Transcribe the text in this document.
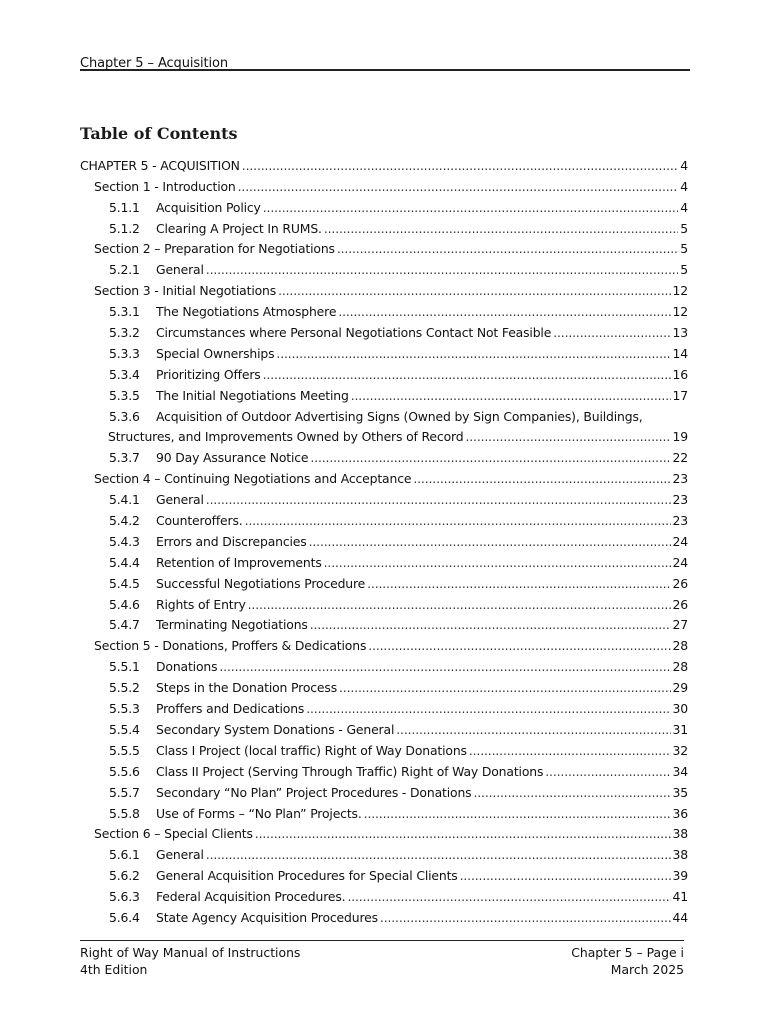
Chapter 5 – Acquisition
Table of Contents
CHAPTER 5 - ACQUISITION .....	4
Section 1 - Introduction .....	4
5.1.1	Acquisition Policy .....	4
5.1.2	Clearing A Project In RUMS. .....	5
Section 2 – Preparation for Negotiations .....	5
5.2.1	General .....	5
Section 3 - Initial Negotiations .....	12
5.3.1	The Negotiations Atmosphere .....	12
5.3.2	Circumstances where Personal Negotiations Contact Not Feasible .....	13
5.3.3	Special Ownerships .....	14
5.3.4	Prioritizing Offers .....	16
5.3.5	The Initial Negotiations Meeting .....	17
5.3.6	Acquisition of Outdoor Advertising Signs (Owned by Sign Companies), Buildings,
Structures, and Improvements Owned by Others of Record .....	19
5.3.7	90 Day Assurance Notice .....	22
Section 4 – Continuing Negotiations and Acceptance .....	23
5.4.1	General .....	23
5.4.2	Counteroffers. .....	23
5.4.3	Errors and Discrepancies .....	24
5.4.4	Retention of Improvements .....	24
5.4.5	Successful Negotiations Procedure .....	26
5.4.6	Rights of Entry .....	26
5.4.7	Terminating Negotiations .....	27
Section 5 - Donations, Proffers & Dedications .....	28
5.5.1	Donations .....	28
5.5.2	Steps in the Donation Process .....	29
5.5.3	Proffers and Dedications .....	30
5.5.4	Secondary System Donations - General .....	31
5.5.5	Class I Project (local traffic) Right of Way Donations .....	32
5.5.6	Class II Project (Serving Through Traffic) Right of Way Donations .....	34
5.5.7	Secondary “No Plan” Project Procedures - Donations .....	35
5.5.8	Use of Forms – “No Plan” Projects. .....	36
Section 6 – Special Clients .....	38
5.6.1	General .....	38
5.6.2	General Acquisition Procedures for Special Clients .....	39
5.6.3	Federal Acquisition Procedures. .....	41
5.6.4	State Agency Acquisition Procedures .....	44
Right of Way Manual of Instructions
4th Edition
Chapter 5 – Page i
March 2025
